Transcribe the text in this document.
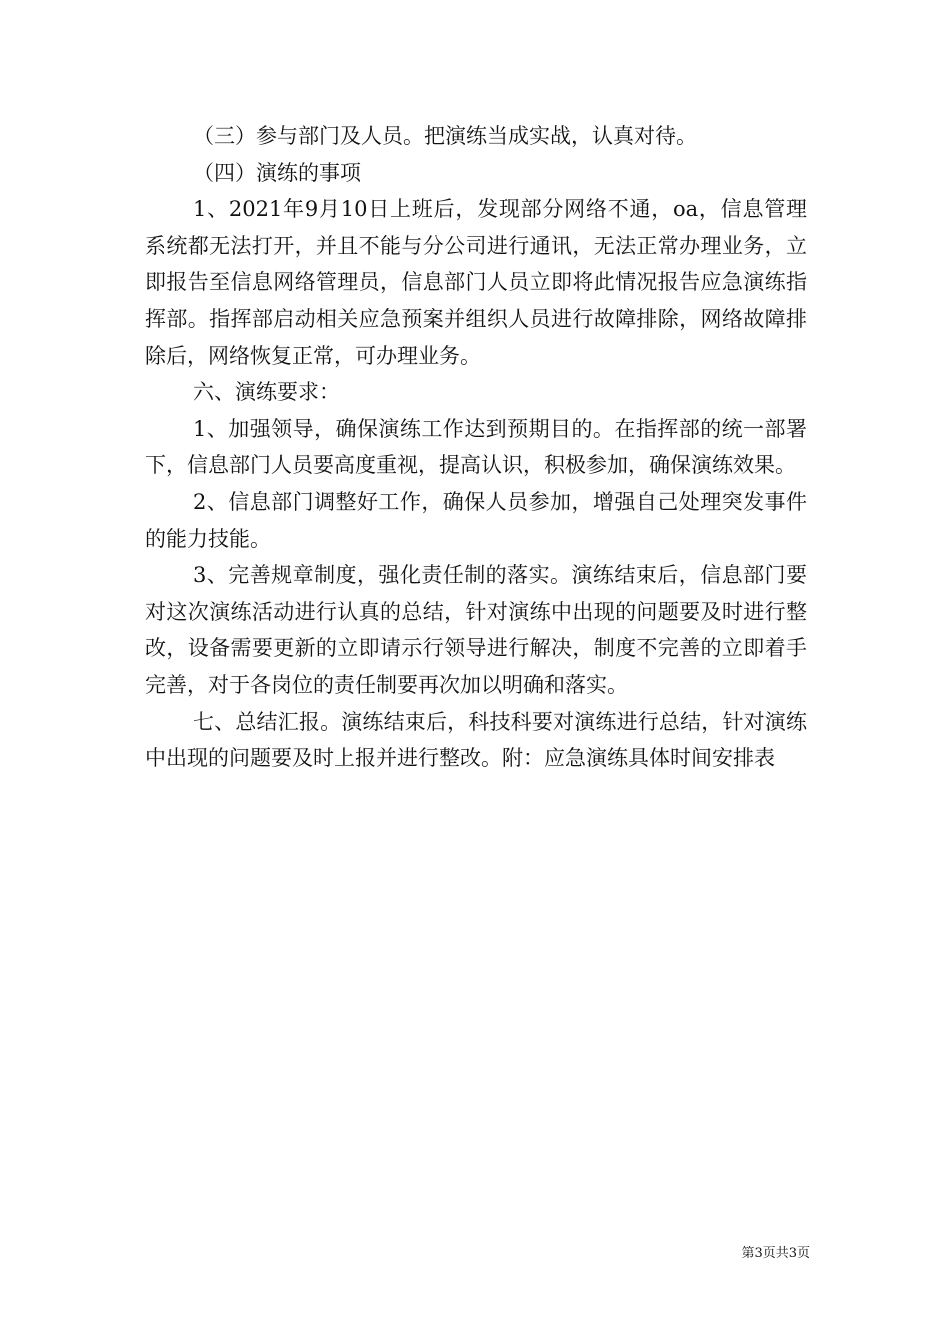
（三）参与部门及人员。把演练当成实战，认真对待。

（四）演练的事项

1、2021年9月10日上班后，发现部分网络不通，oa，信息管理系统都无法打开，并且不能与分公司进行通讯，无法正常办理业务，立即报告至信息网络管理员，信息部门人员立即将此情况报告应急演练指挥部。指挥部启动相关应急预案并组织人员进行故障排除，网络故障排除后，网络恢复正常，可办理业务。

六、演练要求：

1、加强领导，确保演练工作达到预期目的。在指挥部的统一部署下，信息部门人员要高度重视，提高认识，积极参加，确保演练效果。

2、信息部门调整好工作，确保人员参加，增强自己处理突发事件的能力技能。

3、完善规章制度，强化责任制的落实。演练结束后，信息部门要对这次演练活动进行认真的总结，针对演练中出现的问题要及时进行整改，设备需要更新的立即请示行领导进行解决，制度不完善的立即着手完善，对于各岗位的责任制要再次加以明确和落实。

七、总结汇报。演练结束后，科技科要对演练进行总结，针对演练中出现的问题要及时上报并进行整改。附：应急演练具体时间安排表

第3页共3页
